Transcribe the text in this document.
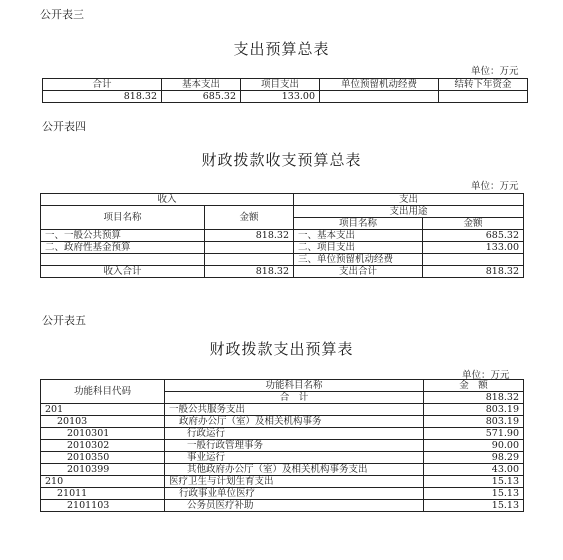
公开表三
支出预算总表
单位：万元
合计	基本支出	项目支出	单位预留机动经费	结转下年资金
818.32	685.32	133.00		
公开表四
财政拨款收支预算总表
单位：万元
收入		支出	
项目名称	金额	支出用途	
		项目名称	金额
一、一般公共预算	818.32	一、基本支出	685.32
二、政府性基金预算		二、项目支出	133.00
		三、单位预留机动经费	
收入合计	818.32	支出合计	818.32
公开表五
财政拨款支出预算表
单位：万元
功能科目代码	功能科目名称	金　额
	合　计	818.32
201	一般公共服务支出	803.19
20103	政府办公厅（室）及相关机构事务	803.19
2010301	行政运行	571.90
2010302	一般行政管理事务	90.00
2010350	事业运行	98.29
2010399	其他政府办公厅（室）及相关机构事务支出	43.00
210	医疗卫生与计划生育支出	15.13
21011	行政事业单位医疗	15.13
2101103	公务员医疗补助	15.13
